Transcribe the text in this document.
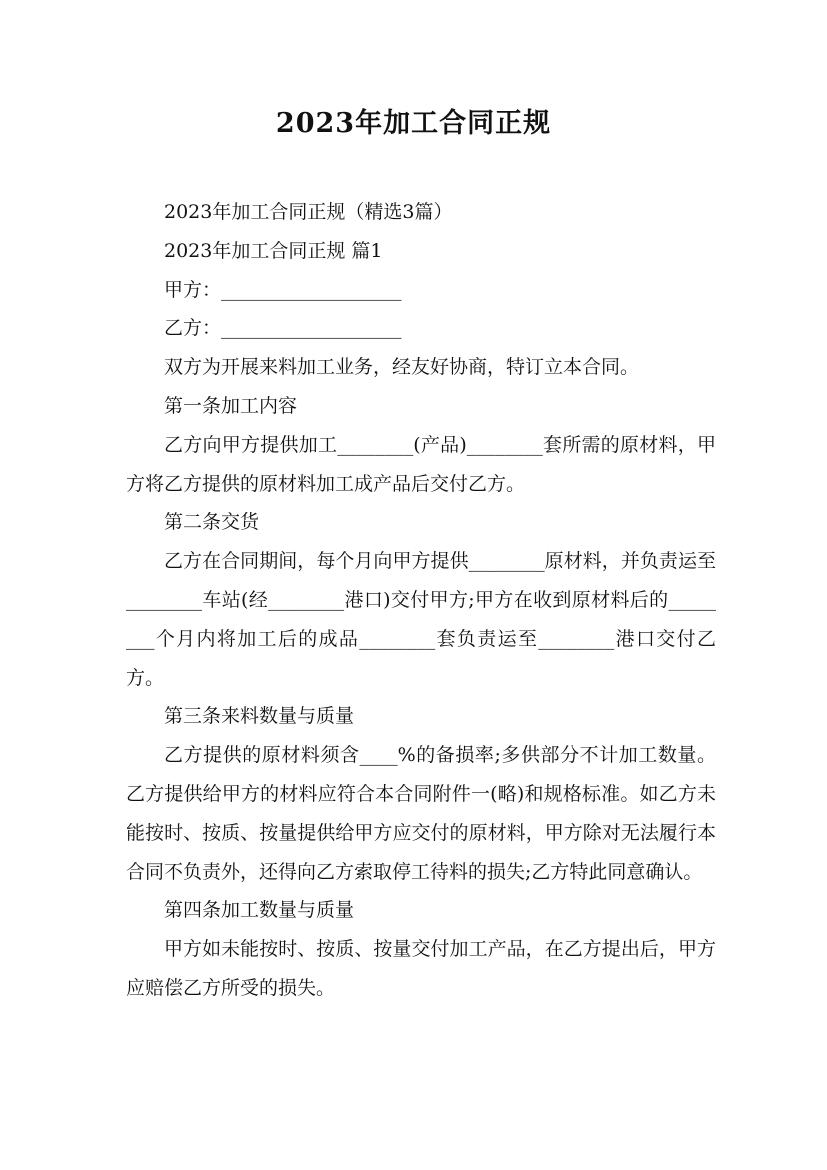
2023年加工合同正规

2023年加工合同正规（精选3篇）

2023年加工合同正规 篇1

甲方：___________________

乙方：___________________

双方为开展来料加工业务，经友好协商，特订立本合同。

第一条加工内容

乙方向甲方提供加工________(产品)________套所需的原材料，甲方将乙方提供的原材料加工成产品后交付乙方。

第二条交货

乙方在合同期间，每个月向甲方提供________原材料，并负责运至________车站(经________港口)交付甲方;甲方在收到原材料后的________个月内将加工后的成品________套负责运至________港口交付乙方。

第三条来料数量与质量

乙方提供的原材料须含____%的备损率;多供部分不计加工数量。乙方提供给甲方的材料应符合本合同附件一(略)和规格标准。如乙方未能按时、按质、按量提供给甲方应交付的原材料，甲方除对无法履行本合同不负责外，还得向乙方索取停工待料的损失;乙方特此同意确认。

第四条加工数量与质量

甲方如未能按时、按质、按量交付加工产品，在乙方提出后，甲方应赔偿乙方所受的损失。
